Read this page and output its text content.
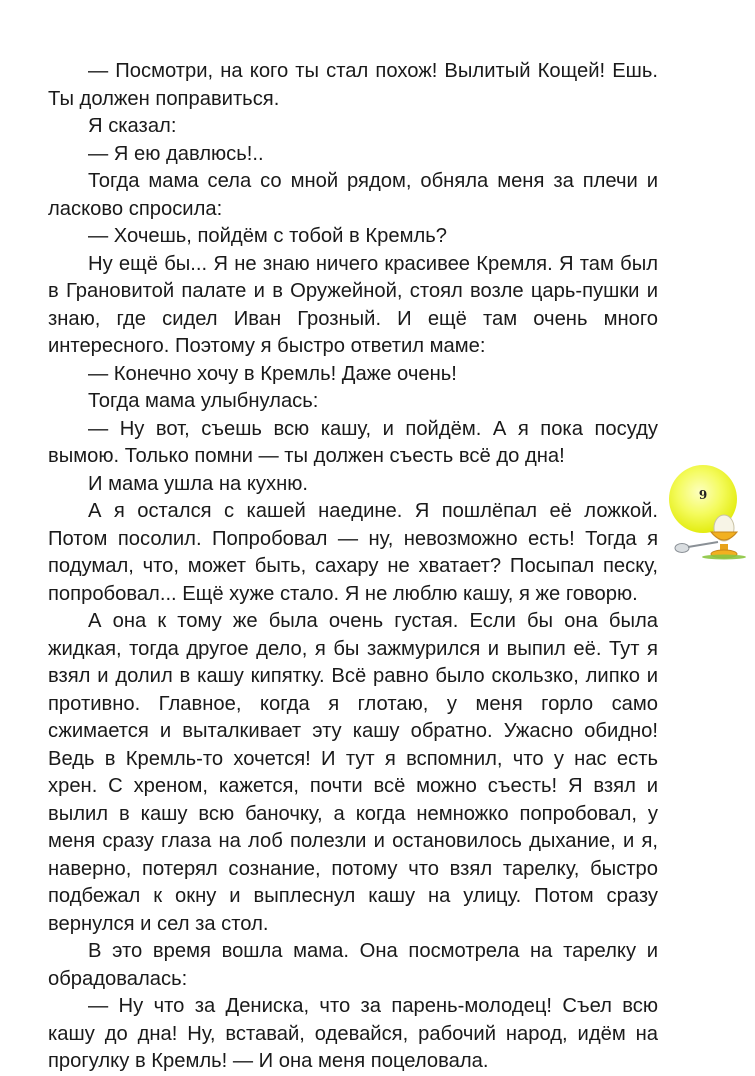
— Посмотри, на кого ты стал похож! Вылитый Кощей! Ешь. Ты должен поправиться.

Я сказал:

— Я ею давлюсь!..

Тогда мама села со мной рядом, обняла меня за плечи и ласково спросила:

— Хочешь, пойдём с тобой в Кремль?

Ну ещё бы... Я не знаю ничего красивее Кремля. Я там был в Грановитой палате и в Оружейной, стоял возле царь-пушки и знаю, где сидел Иван Грозный. И ещё там очень много интересного. Поэтому я быстро ответил маме:

— Конечно хочу в Кремль! Даже очень!

Тогда мама улыбнулась:

— Ну вот, съешь всю кашу, и пойдём. А я пока посуду вымою. Только помни — ты должен съесть всё до дна!

И мама ушла на кухню.

А я остался с кашей наедине. Я пошлёпал её ложкой. Потом посолил. Попробовал — ну, невозможно есть! Тогда я подумал, что, может быть, сахару не хватает? Посыпал песку, попробовал... Ещё хуже стало. Я не люблю кашу, я же говорю.

А она к тому же была очень густая. Если бы она была жидкая, тогда другое дело, я бы зажмурился и выпил её. Тут я взял и долил в кашу кипятку. Всё равно было скользко, липко и противно. Главное, когда я глотаю, у меня горло само сжимается и выталкивает эту кашу обратно. Ужасно обидно! Ведь в Кремль-то хочется! И тут я вспомнил, что у нас есть хрен. С хреном, кажется, почти всё можно съесть! Я взял и вылил в кашу всю баночку, а когда немножко попробовал, у меня сразу глаза на лоб полезли и остановилось дыхание, и я, наверно, потерял сознание, потому что взял тарелку, быстро подбежал к окну и выплеснул кашу на улицу. Потом сразу вернулся и сел за стол.

В это время вошла мама. Она посмотрела на тарелку и обрадовалась:

— Ну что за Дениска, что за парень-молодец! Съел всю кашу до дна! Ну, вставай, одевайся, рабочий народ, идём на прогулку в Кремль! — И она меня поцеловала.

9
